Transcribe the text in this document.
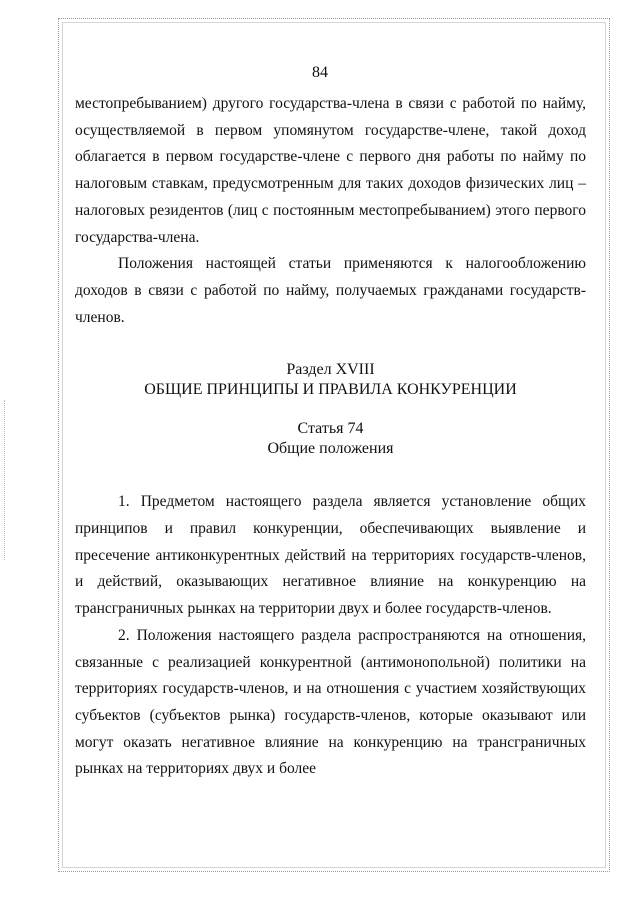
84

местопребыванием) другого государства-члена в связи с работой по найму, осуществляемой в первом упомянутом государстве-члене, такой доход облагается в первом государстве-члене с первого дня работы по найму по налоговым ставкам, предусмотренным для таких доходов физических лиц – налоговых резидентов (лиц с постоянным местопребыванием) этого первого государства-члена.

Положения настоящей статьи применяются к налогообложению доходов в связи с работой по найму, получаемых гражданами государств-членов.

Раздел XVIII
ОБЩИЕ ПРИНЦИПЫ И ПРАВИЛА КОНКУРЕНЦИИ
Статья 74
Общие положения

1. Предметом настоящего раздела является установление общих принципов и правил конкуренции, обеспечивающих выявление и пресечение антиконкурентных действий на территориях государств-членов, и действий, оказывающих негативное влияние на конкуренцию на трансграничных рынках на территории двух и более государств-членов.

2. Положения настоящего раздела распространяются на отношения, связанные с реализацией конкурентной (антимонопольной) политики на территориях государств-членов, и на отношения с участием хозяйствующих субъектов (субъектов рынка) государств-членов, которые оказывают или могут оказать негативное влияние на конкуренцию на трансграничных рынках на территориях двух и более
